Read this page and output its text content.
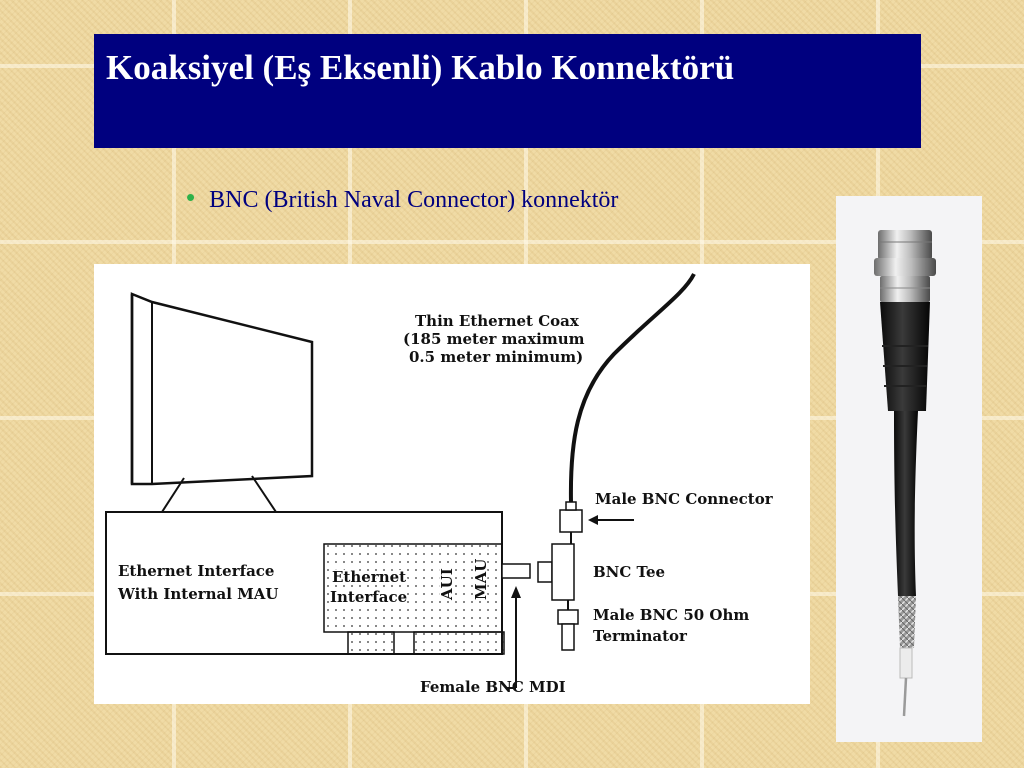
Koaksiyel (Eş Eksenli) Kablo Konnektörü
• BNC (British Naval Connector) konnektör
Thin Ethernet Coax
(185 meter maximum
0.5 meter minimum)
Male BNC Connector
BNC Tee
Male BNC 50 Ohm
Terminator
Female BNC MDI
Ethernet Interface
With Internal MAU
Ethernet
Interface AUI MAU
